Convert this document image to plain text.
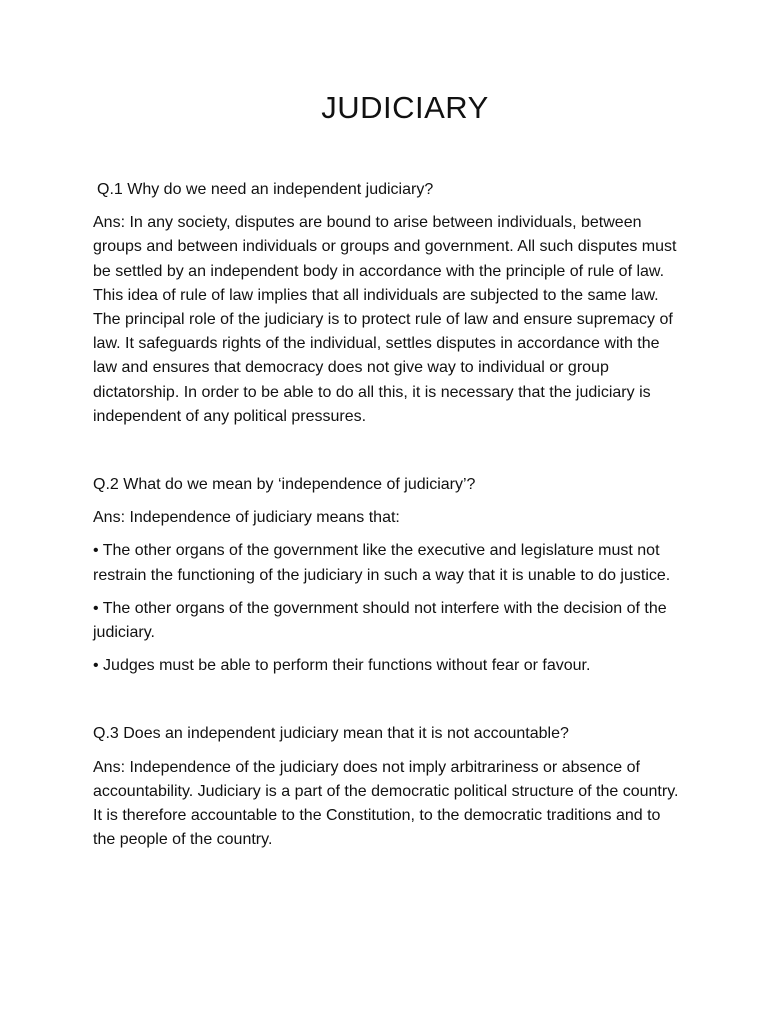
JUDICIARY

Q.1 Why do we need an independent judiciary?

Ans: In any society, disputes are bound to arise between individuals, between groups and between individuals or groups and government. All such disputes must be settled by an independent body in accordance with the principle of rule of law. This idea of rule of law implies that all individuals are subjected to the same law. The principal role of the judiciary is to protect rule of law and ensure supremacy of law. It safeguards rights of the individual, settles disputes in accordance with the law and ensures that democracy does not give way to individual or group dictatorship. In order to be able to do all this, it is necessary that the judiciary is independent of any political pressures.

Q.2 What do we mean by ‘independence of judiciary’?

Ans: Independence of judiciary means that:

• The other organs of the government like the executive and legislature must not restrain the functioning of the judiciary in such a way that it is unable to do justice.

• The other organs of the government should not interfere with the decision of the judiciary.

• Judges must be able to perform their functions without fear or favour.

Q.3 Does an independent judiciary mean that it is not accountable?

Ans: Independence of the judiciary does not imply arbitrariness or absence of accountability. Judiciary is a part of the democratic political structure of the country. It is therefore accountable to the Constitution, to the democratic traditions and to the people of the country.
